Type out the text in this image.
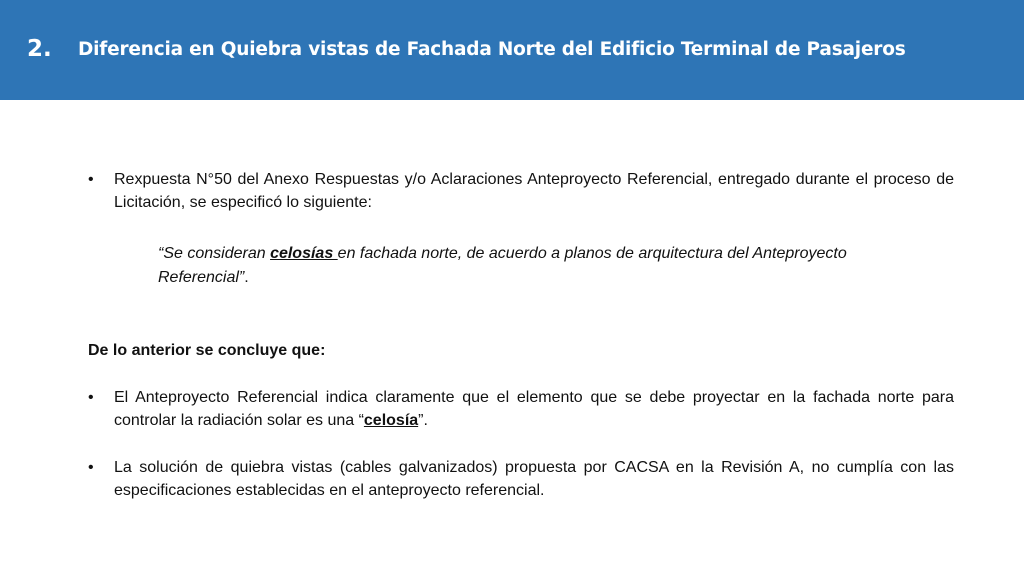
2. Diferencia en Quiebra vistas de Fachada Norte del Edificio Terminal de Pasajeros
• Rexpuesta N°50 del Anexo Respuestas y/o Aclaraciones Anteproyecto Referencial, entregado durante el proceso de Licitación, se especificó lo siguiente:
“Se consideran celosías en fachada norte, de acuerdo a planos de arquitectura del Anteproyecto Referencial”.
De lo anterior se concluye que:
• El Anteproyecto Referencial indica claramente que el elemento que se debe proyectar en la fachada norte para controlar la radiación solar es una “celosía”.
• La solución de quiebra vistas (cables galvanizados) propuesta por CACSA en la Revisión A, no cumplía con las especificaciones establecidas en el anteproyecto referencial.
